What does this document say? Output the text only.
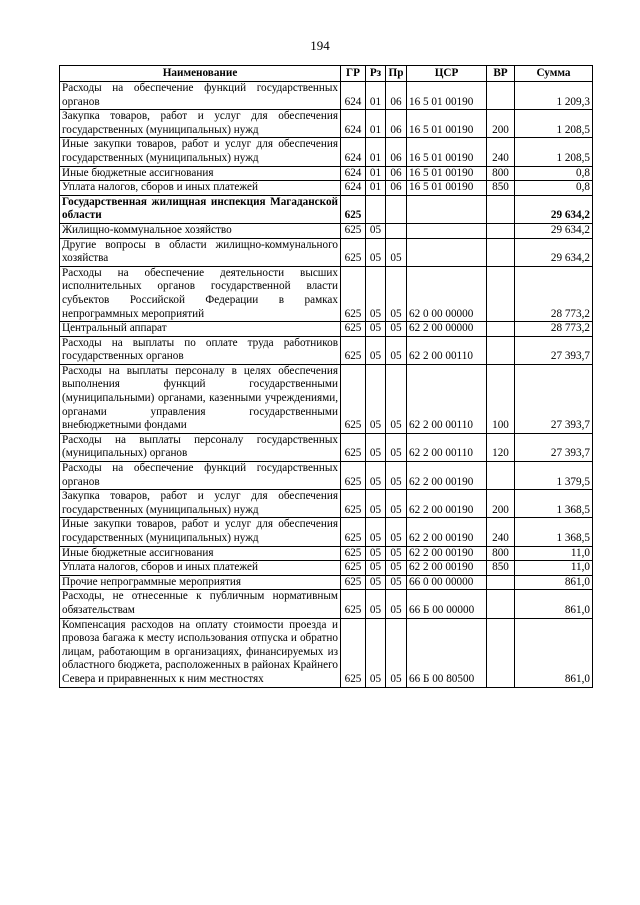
194
Наименование	ГР	Рз	Пр	ЦСР	ВР	Сумма
Расходы на обеспечение функций государственных органов	624	01	06	16 5 01 00190		1 209,3
Закупка товаров, работ и услуг для обеспечения государственных (муниципальных) нужд	624	01	06	16 5 01 00190	200	1 208,5
Иные закупки товаров, работ и услуг для обеспечения государственных (муниципальных) нужд	624	01	06	16 5 01 00190	240	1 208,5
Иные бюджетные ассигнования	624	01	06	16 5 01 00190	800	0,8
Уплата налогов, сборов и иных платежей	624	01	06	16 5 01 00190	850	0,8
Государственная жилищная инспекция Магаданской области	625					29 634,2
Жилищно-коммунальное хозяйство	625	05				29 634,2
Другие вопросы в области жилищно-коммунального хозяйства	625	05	05			29 634,2
Расходы на обеспечение деятельности высших исполнительных органов государственной власти субъектов Российской Федерации в рамках непрограммных мероприятий	625	05	05	62 0 00 00000		28 773,2
Центральный аппарат	625	05	05	62 2 00 00000		28 773,2
Расходы на выплаты по оплате труда работников государственных органов	625	05	05	62 2 00 00110		27 393,7
Расходы на выплаты персоналу в целях обеспечения выполнения функций государственными (муниципальными) органами, казенными учреждениями, органами управления государственными внебюджетными фондами	625	05	05	62 2 00 00110	100	27 393,7
Расходы на выплаты персоналу государственных (муниципальных) органов	625	05	05	62 2 00 00110	120	27 393,7
Расходы на обеспечение функций государственных органов	625	05	05	62 2 00 00190		1 379,5
Закупка товаров, работ и услуг для обеспечения государственных (муниципальных) нужд	625	05	05	62 2 00 00190	200	1 368,5
Иные закупки товаров, работ и услуг для обеспечения государственных (муниципальных) нужд	625	05	05	62 2 00 00190	240	1 368,5
Иные бюджетные ассигнования	625	05	05	62 2 00 00190	800	11,0
Уплата налогов, сборов и иных платежей	625	05	05	62 2 00 00190	850	11,0
Прочие непрограммные мероприятия	625	05	05	66 0 00 00000		861,0
Расходы, не отнесенные к публичным нормативным обязательствам	625	05	05	66 Б 00 00000		861,0
Компенсация расходов на оплату стоимости проезда и провоза багажа к месту использования отпуска и обратно лицам, работающим в организациях, финансируемых из областного бюджета, расположенных в районах Крайнего Севера и приравненных к ним местностях	625	05	05	66 Б 00 80500		861,0
